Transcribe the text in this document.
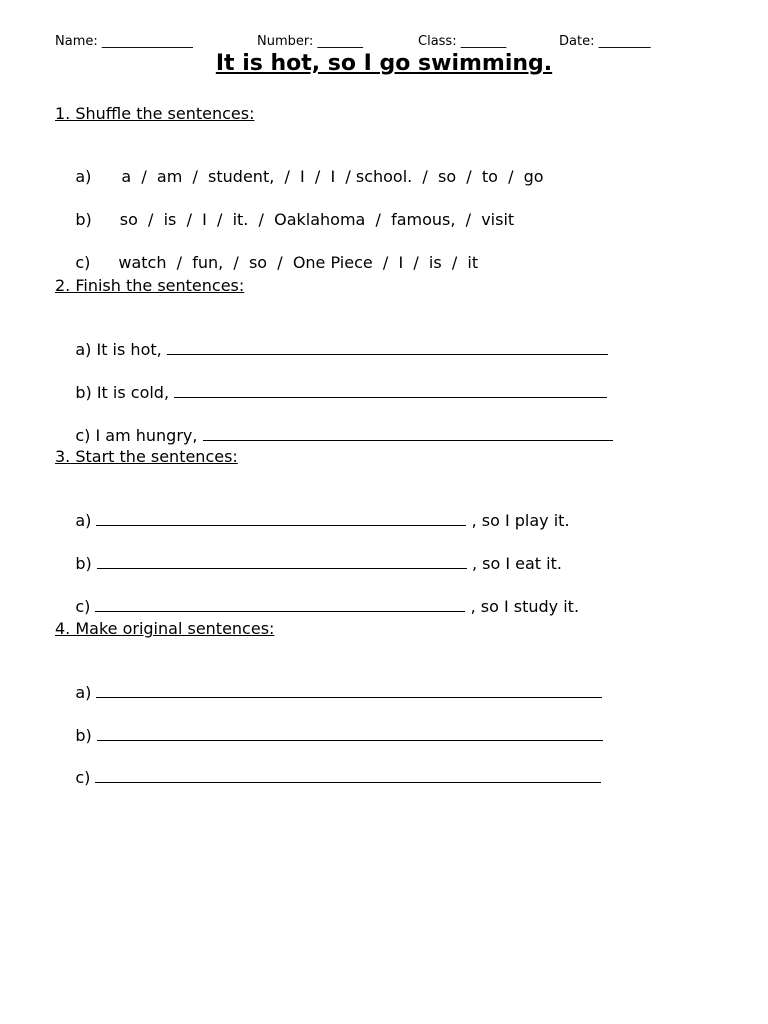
Name: ______________	Number: _______	Class: _______	Date: ________
It is hot, so I go swimming.
1. Shuffle the sentences:

a) a  /  am  /  student,  /  I  /  I  / school.  /  so  /  to  /  go

b) so  /  is  /  I  /  it.  /  Oaklahoma  /  famous,  /  visit

c) watch  /  fun,  /  so  /  One Piece  /  I  /  is  /  it

2. Finish the sentences:

a) It is hot,

b) It is cold,

c) I am hungry,

3. Start the sentences:

a)	, so I play it.

b)	, so I eat it.

c)	, so I study it.

4. Make original sentences:

a)

b)

c)
